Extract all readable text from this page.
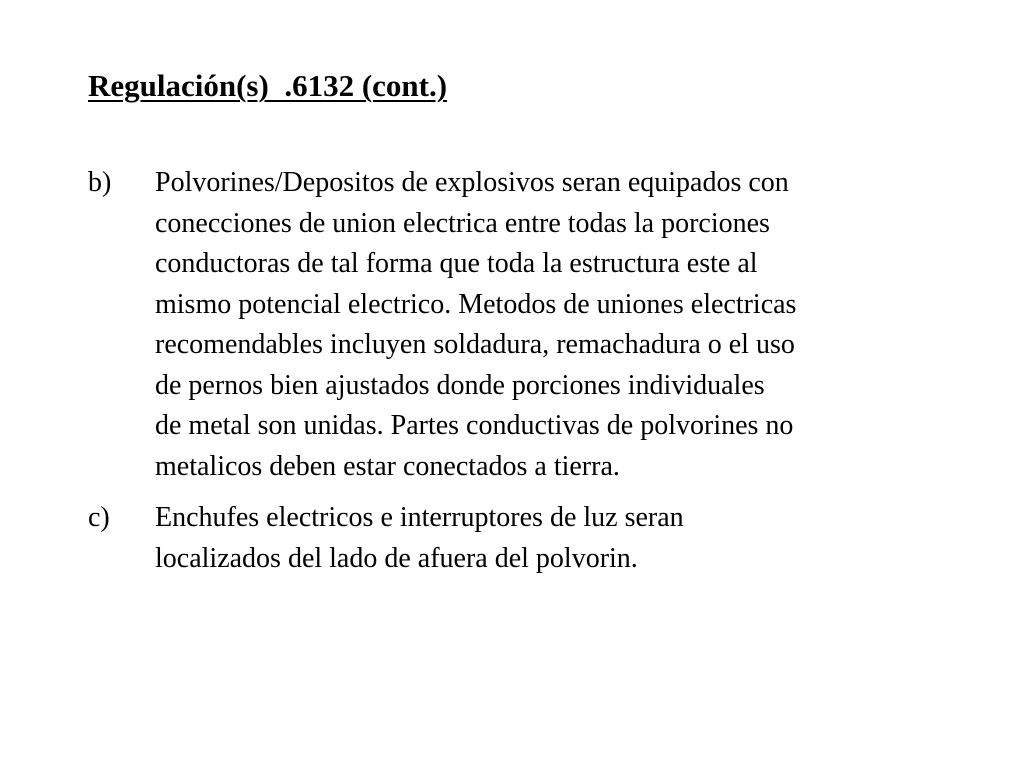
Regulación(s)  .6132 (cont.)
b) Polvorines/Depositos de explosivos seran equipados con
conecciones de union electrica entre todas la porciones
conductoras de tal forma que toda la estructura este al
mismo potencial electrico. Metodos de uniones electricas
recomendables incluyen soldadura, remachadura o el uso
de pernos bien ajustados donde porciones individuales
de metal son unidas. Partes conductivas de polvorines no
metalicos deben estar conectados a tierra.
c) Enchufes electricos e interruptores de luz seran
localizados del lado de afuera del polvorin.
